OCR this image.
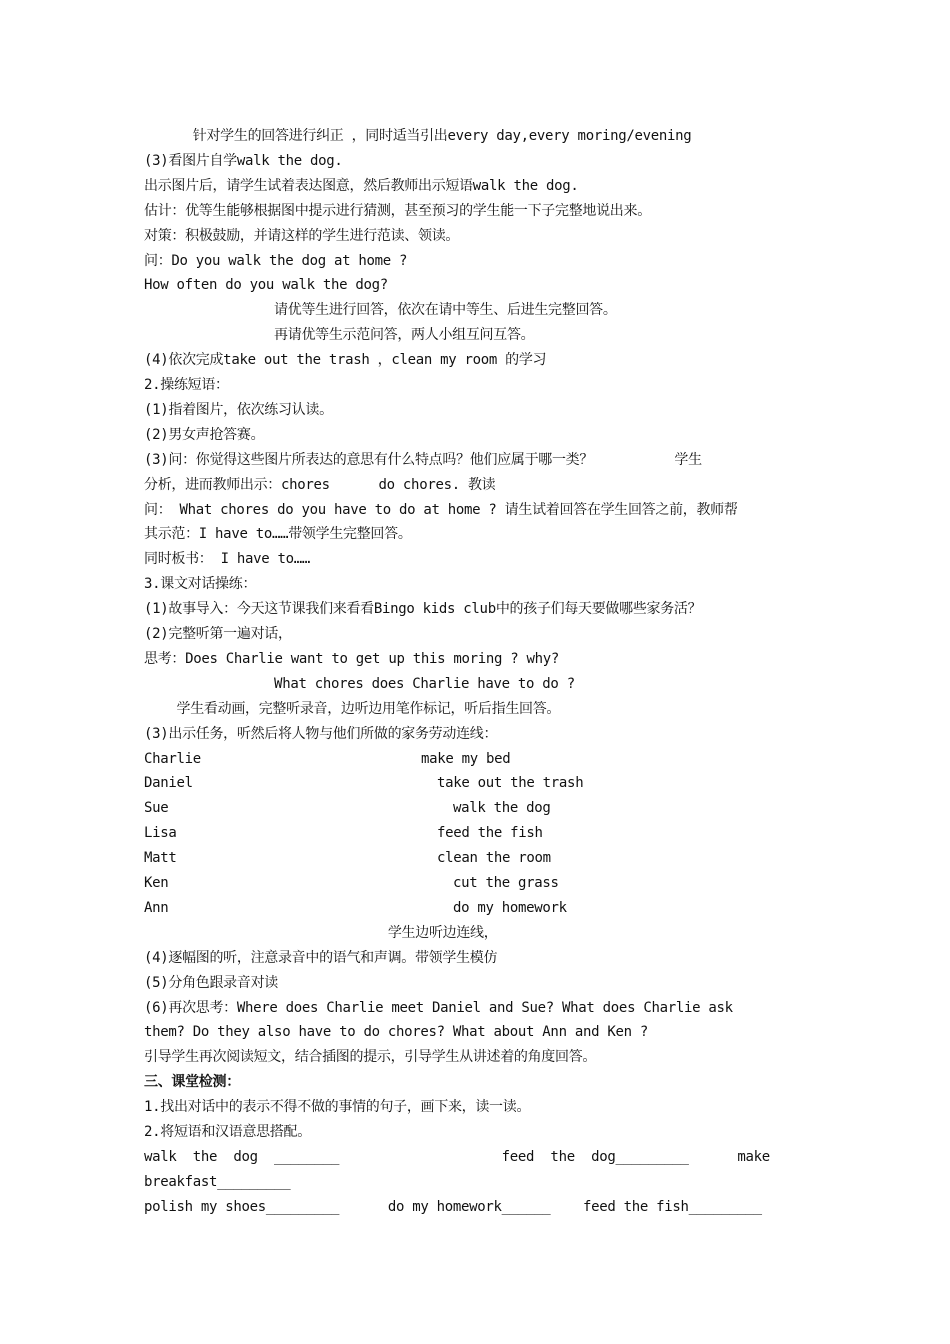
针对学生的回答进行纠正 ，同时适当引出every day,every moring/evening
(3)看图片自学walk the dog.
出示图片后，请学生试着表达图意，然后教师出示短语walk the dog.
估计：优等生能够根据图中提示进行猜测，甚至预习的学生能一下子完整地说出来。
对策：积极鼓励，并请这样的学生进行范读、领读。
问：Do you walk the dog at home ?
How often do you walk the dog?
请优等生进行回答，依次在请中等生、后进生完整回答。
再请优等生示范问答，两人小组互问互答。
(4)依次完成take out the trash ，clean my room 的学习
2.操练短语：
(1)指着图片，依次练习认读。
(2)男女声抢答赛。
(3)问：你觉得这些图片所表达的意思有什么特点吗？他们应属于哪一类？          学生
分析，进而教师出示：chores      do chores. 教读
问： What chores do you have to do at home ? 请生试着回答在学生回答之前，教师帮
其示范：I have to……带领学生完整回答。
同时板书： I have to……
3.课文对话操练：
(1)故事导入：今天这节课我们来看看Bingo kids club中的孩子们每天要做哪些家务活？
(2)完整听第一遍对话，
思考：Does Charlie want to get up this moring ? why?
What chores does Charlie have to do ?
学生看动画，完整听录音，边听边用笔作标记，听后指生回答。
(3)出示任务，听然后将人物与他们所做的家务劳动连线：
Charlie	make my bed
Daniel	take out the trash
Sue	walk the dog
Lisa	feed the fish
Matt	clean the room
Ken	cut the grass
Ann	do my homework
学生边听边连线，
(4)逐幅图的听，注意录音中的语气和声调。带领学生模仿
(5)分角色跟录音对读
(6)再次思考：Where does Charlie meet Daniel and Sue? What does Charlie ask
them? Do they also have to do chores? What about Ann and Ken ?
引导学生再次阅读短文，结合插图的提示，引导学生从讲述着的角度回答。
三、课堂检测：
1.找出对话中的表示不得不做的事情的句子，画下来，读一读。
2.将短语和汉语意思搭配。
walk  the  dog  ________                    feed  the  dog_________      make
breakfast_________
polish my shoes_________      do my homework______    feed the fish_________
